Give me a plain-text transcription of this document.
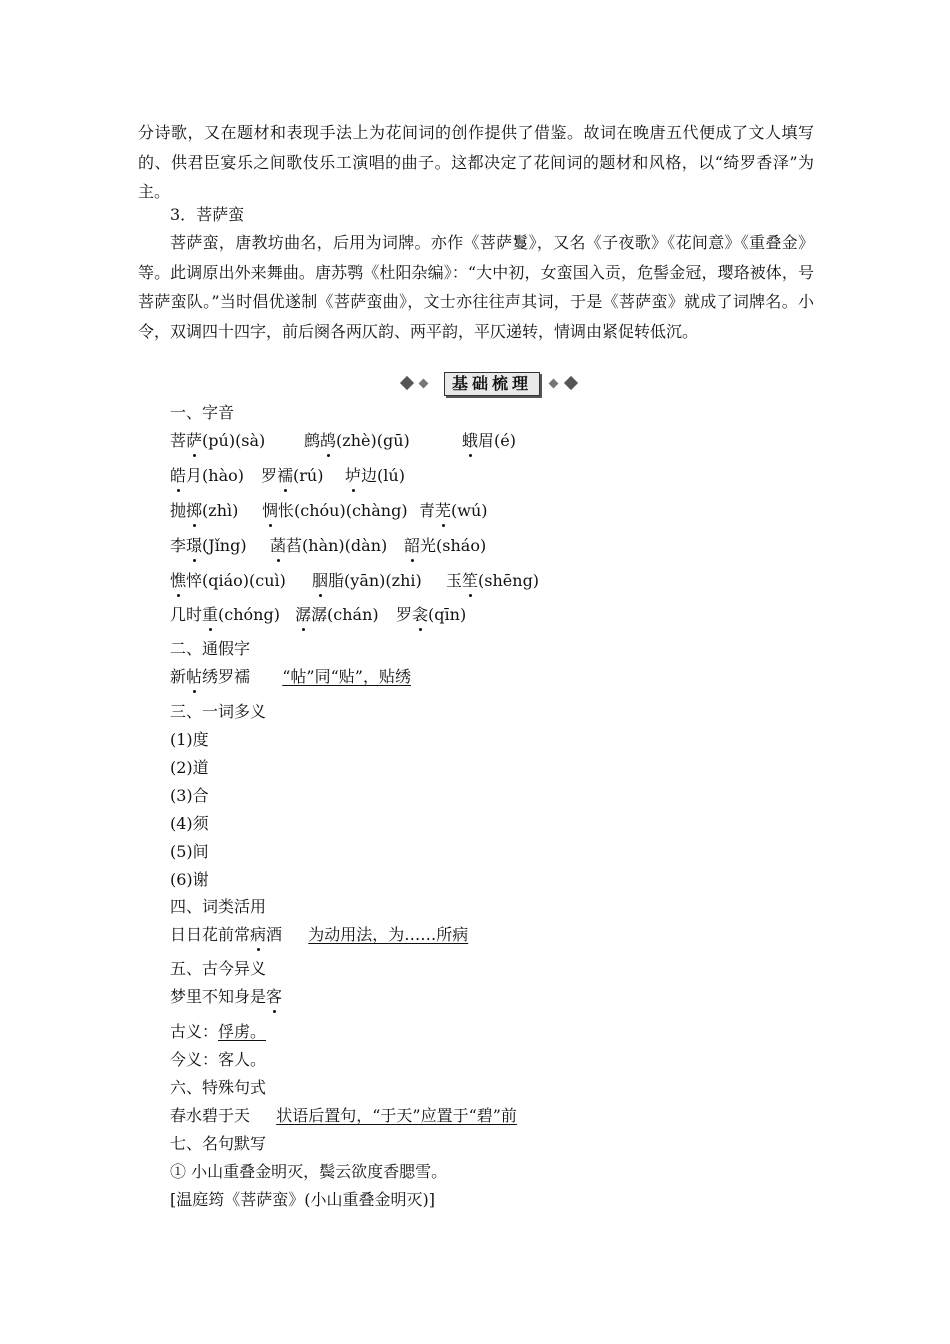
分诗歌，又在题材和表现手法上为花间词的创作提供了借鉴。故词在晚唐五代便成了文人填写的、供君臣宴乐之间歌伎乐工演唱的曲子。这都决定了花间词的题材和风格，以“绮罗香泽”为主。

3．菩萨蛮

菩萨蛮，唐教坊曲名，后用为词牌。亦作《菩萨鬘》，又名《子夜歌》《花间意》《重叠金》等。此调原出外来舞曲。唐苏鹗《杜阳杂编》：“大中初，女蛮国入贡，危髻金冠，璎珞被体，号菩萨蛮队。”当时倡优遂制《菩萨蛮曲》，文士亦往往声其词，于是《菩萨蛮》就成了词牌名。小令，双调四十四字，前后阕各两仄韵、两平韵，平仄递转，情调由紧促转低沉。

基础梳理
一、字音
菩萨(pú)(sà) 鹧鸪(zhè)(gū)	蛾眉(é)
皓月(hào) 罗襦(rú) 垆边(lú)
抛掷(zhì) 惆怅(chóu)(chàng) 青芜(wú)
李璟(Jǐng) 菡萏(hàn)(dàn) 韶光(sháo)
憔悴(qiáo)(cuì) 胭脂(yān)(zhi) 玉笙(shēng)
几时重(chóng) 潺潺(chán) 罗衾(qīn)
二、通假字
新帖绣罗襦 “帖”同“贴”，贴绣
三、一词多义
(1)度
(2)道
(3)合
(4)须
(5)间
(6)谢
四、词类活用
日日花前常病酒 为动用法，为……所病
五、古今异义
梦里不知身是客
古义：俘虏。
今义：客人。
六、特殊句式
春水碧于天 状语后置句，“于天”应置于“碧”前
七、名句默写
① 小山重叠金明灭，鬓云欲度香腮雪。
[温庭筠《菩萨蛮》(小山重叠金明灭)]
